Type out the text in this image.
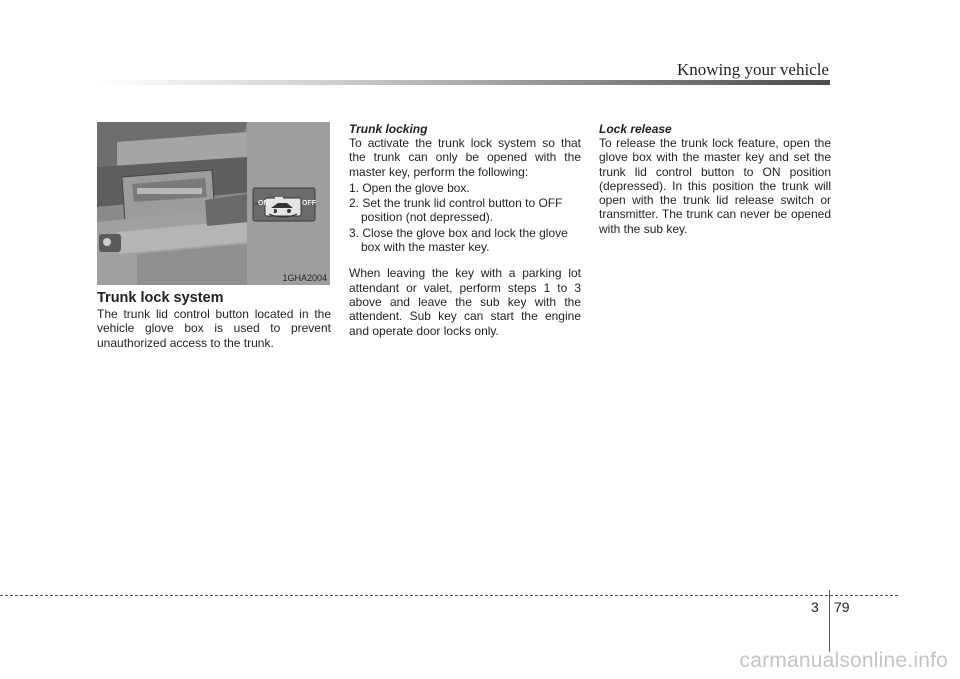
Knowing your vehicle
ON	OFF
1GHA2004

Trunk lock system

The trunk lid control button located in the vehicle glove box is used to prevent unauthorized access to the trunk.

Trunk locking

To activate the trunk lock system so that the trunk can only be opened with the master key, perform the following:

1. Open the glove box.
2. Set the trunk lid control button to OFF position (not depressed).
3. Close the glove box and lock the glove box with the master key.

When leaving the key with a parking lot attendant or valet, perform steps 1 to 3 above and leave the sub key with the attendent. Sub key can start the engine and operate door locks only.

Lock release

To release the trunk lock feature, open the glove box with the master key and set the trunk lid control button to ON position (depressed). In this position the trunk will open with the trunk lid release switch or transmitter. The trunk can never be opened with the sub key.

3 79
carmanualsonline.info
